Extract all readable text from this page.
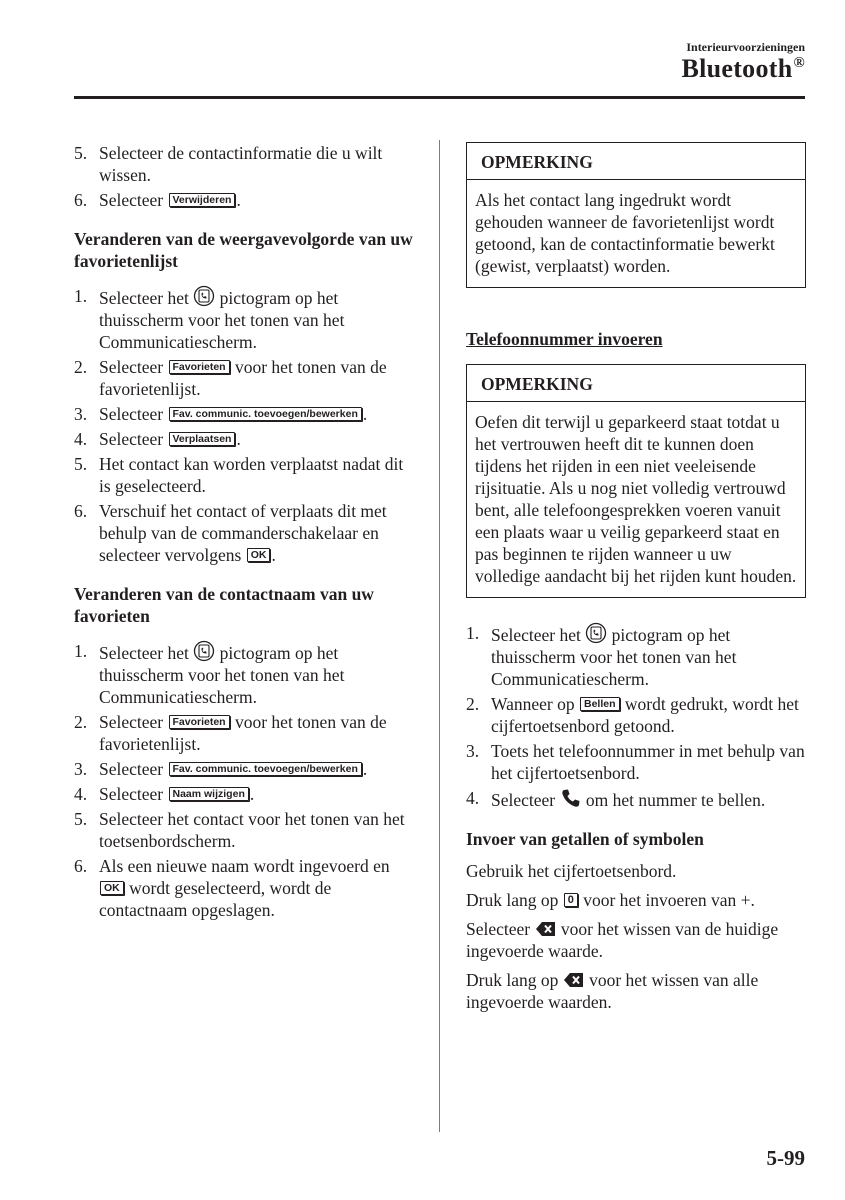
Interieurvoorzieningen
Bluetooth®
5. Selecteer de contactinformatie die u wilt wissen.
6. Selecteer Verwijderen .
Veranderen van de weergavevolgorde van uw favorietenlijst
1. Selecteer het  pictogram op het thuisscherm voor het tonen van het Communicatiescherm.
2. Selecteer Favorieten voor het tonen van de favorietenlijst.
3. Selecteer Fav. communic. toevoegen/bewerken .
4. Selecteer Verplaatsen .
5. Het contact kan worden verplaatst nadat dit is geselecteerd.
6. Verschuif het contact of verplaats dit met behulp van de commanderschakelaar en selecteer vervolgens OK .
Veranderen van de contactnaam van uw favorieten
1. Selecteer het  pictogram op het thuisscherm voor het tonen van het Communicatiescherm.
2. Selecteer Favorieten voor het tonen van de favorietenlijst.
3. Selecteer Fav. communic. toevoegen/bewerken .
4. Selecteer Naam wijzigen .
5. Selecteer het contact voor het tonen van het toetsenbordscherm.
6. Als een nieuwe naam wordt ingevoerd en OK wordt geselecteerd, wordt de contactnaam opgeslagen.
OPMERKING
Als het contact lang ingedrukt wordt gehouden wanneer de favorietenlijst wordt getoond, kan de contactinformatie bewerkt (gewist, verplaatst) worden.
Telefoonnummer invoeren
OPMERKING
Oefen dit terwijl u geparkeerd staat totdat u het vertrouwen heeft dit te kunnen doen tijdens het rijden in een niet veeleisende rijsituatie. Als u nog niet volledig vertrouwd bent, alle telefoongesprekken voeren vanuit een plaats waar u veilig geparkeerd staat en pas beginnen te rijden wanneer u uw volledige aandacht bij het rijden kunt houden.
1. Selecteer het  pictogram op het thuisscherm voor het tonen van het Communicatiescherm.
2. Wanneer op Bellen wordt gedrukt, wordt het cijfertoetsenbord getoond.
3. Toets het telefoonnummer in met behulp van het cijfertoetsenbord.
4. Selecteer  om het nummer te bellen.
Invoer van getallen of symbolen

Gebruik het cijfertoetsenbord.

Druk lang op 0 voor het invoeren van +.

Selecteer  voor het wissen van de huidige ingevoerde waarde.

Druk lang op  voor het wissen van alle ingevoerde waarden.

5-99
